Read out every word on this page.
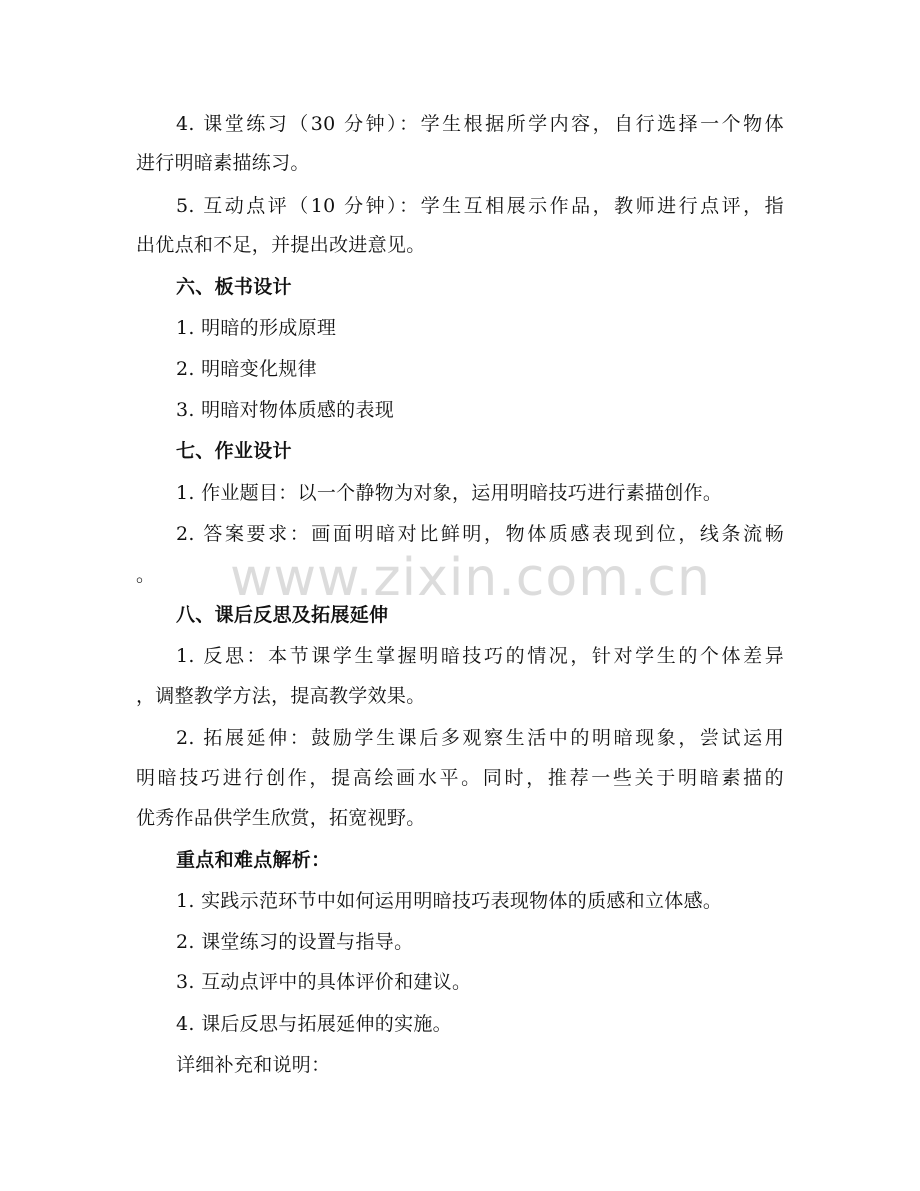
4. 课堂练习（30 分钟）：学生根据所学内容，自行选择一个物体
进行明暗素描练习。
5. 互动点评（10 分钟）：学生互相展示作品，教师进行点评，指
出优点和不足，并提出改进意见。
六、板书设计
1. 明暗的形成原理
2. 明暗变化规律
3. 明暗对物体质感的表现
七、作业设计
1. 作业题目：以一个静物为对象，运用明暗技巧进行素描创作。
2. 答案要求：画面明暗对比鲜明，物体质感表现到位，线条流畅
。
八、课后反思及拓展延伸
1. 反思：本节课学生掌握明暗技巧的情况，针对学生的个体差异
，调整教学方法，提高教学效果。
2. 拓展延伸：鼓励学生课后多观察生活中的明暗现象，尝试运用
明暗技巧进行创作，提高绘画水平。同时，推荐一些关于明暗素描的
优秀作品供学生欣赏，拓宽视野。
重点和难点解析：
1. 实践示范环节中如何运用明暗技巧表现物体的质感和立体感。
2. 课堂练习的设置与指导。
3. 互动点评中的具体评价和建议。
4. 课后反思与拓展延伸的实施。
详细补充和说明：
www.zixin.com.cn
